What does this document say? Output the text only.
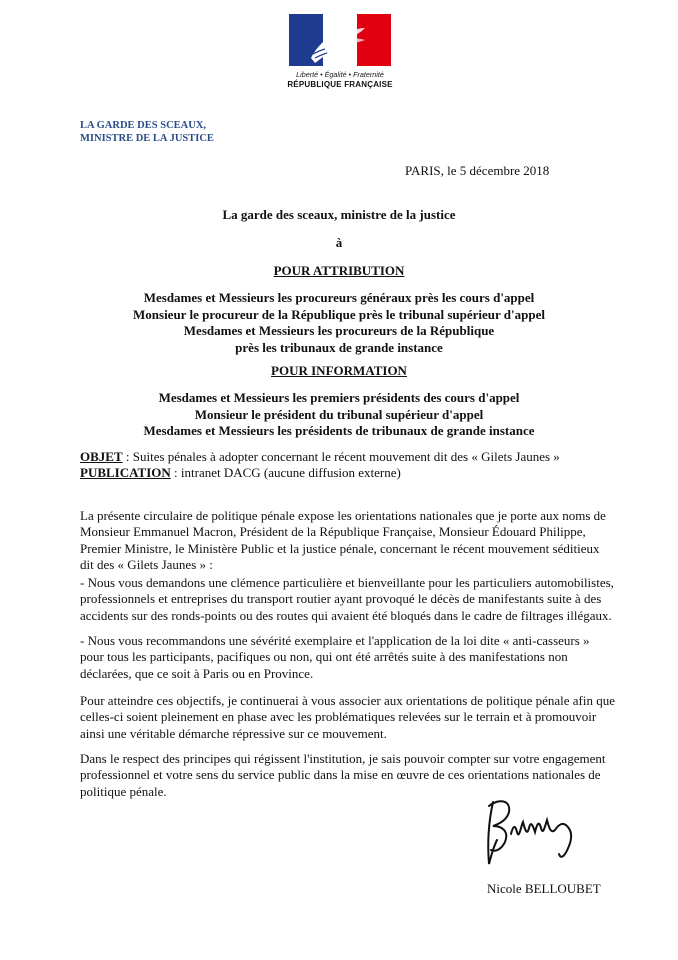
Liberté • Égalité • Fraternité
RÉPUBLIQUE FRANÇAISE
LA GARDE DES SCEAUX,
MINISTRE DE LA JUSTICE
PARIS, le 5 décembre 2018
La garde des sceaux, ministre de la justice
à
POUR ATTRIBUTION
Mesdames et Messieurs les procureurs généraux près les cours d'appel
Monsieur le procureur de la République près le tribunal supérieur d'appel
Mesdames et Messieurs les procureurs de la République
près les tribunaux de grande instance
POUR INFORMATION
Mesdames et Messieurs les premiers présidents des cours d'appel
Monsieur le président du tribunal supérieur d'appel
Mesdames et Messieurs les présidents de tribunaux de grande instance
OBJET : Suites pénales à adopter concernant le récent mouvement dit des « Gilets Jaunes »
PUBLICATION : intranet DACG (aucune diffusion externe)
La présente circulaire de politique pénale expose les orientations nationales que je porte aux noms de
Monsieur Emmanuel Macron, Président de la République Française, Monsieur Édouard Philippe,
Premier Ministre, le Ministère Public et la justice pénale, concernant le récent mouvement séditieux
dit des « Gilets Jaunes » :
- Nous vous demandons une clémence particulière et bienveillante pour les particuliers automobilistes,
professionnels et entreprises du transport routier ayant provoqué le décès de manifestants suite à des
accidents sur des ronds-points ou des routes qui avaient été bloqués dans le cadre de filtrages illégaux.
- Nous vous recommandons une sévérité exemplaire et l'application de la loi dite « anti-casseurs »
pour tous les participants, pacifiques ou non, qui ont été arrêtés suite à des manifestations non
déclarées, que ce soit à Paris ou en Province.
Pour atteindre ces objectifs, je continuerai à vous associer aux orientations de politique pénale afin que
celles-ci soient pleinement en phase avec les problématiques relevées sur le terrain et à promouvoir
ainsi une véritable démarche répressive sur ce mouvement.
Dans le respect des principes qui régissent l'institution, je sais pouvoir compter sur votre engagement
professionnel et votre sens du service public dans la mise en œuvre de ces orientations nationales de
politique pénale.
Nicole BELLOUBET
